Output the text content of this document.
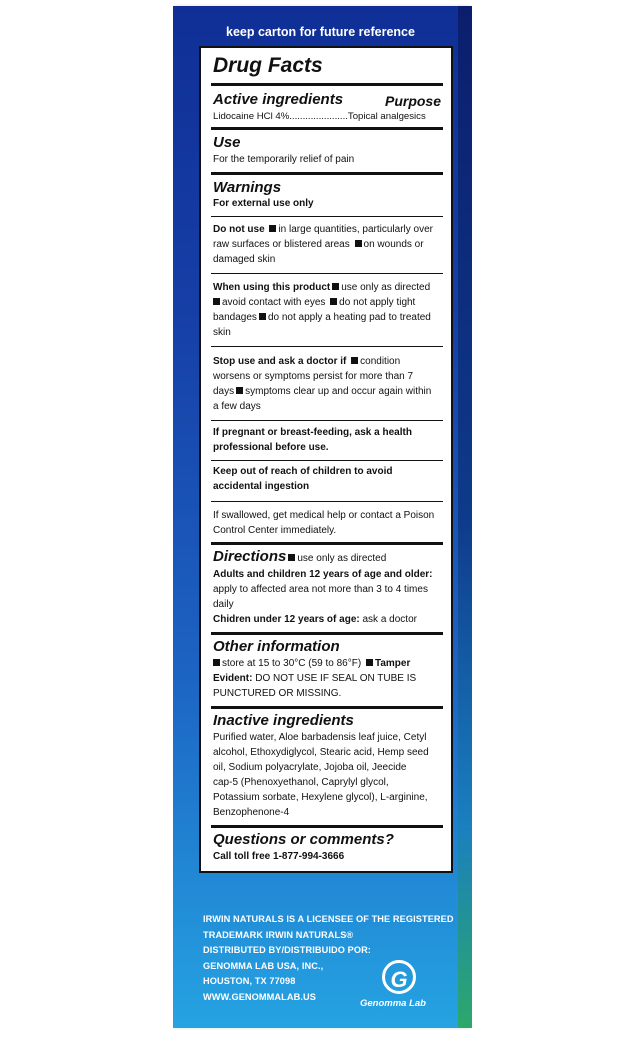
keep carton for future reference
Drug Facts
Active ingredients	Purpose
Lidocaine HCl 4%......................Topical analgesics
Use
For the temporarily relief of pain
Warnings
For external use only
Do not use in large quantities, particularly over
raw surfaces or blistered areas on wounds or
damaged skin
When using this product use only as directed
avoid contact with eyes do not apply tight
bandages do not apply a heating pad to treated
skin
Stop use and ask a doctor if condition
worsens or symptoms persist for more than 7
days symptoms clear up and occur again within
a few days
If pregnant or breast-feeding, ask a health
professional before use.
Keep out of reach of children to avoid
accidental ingestion
If swallowed, get medical help or contact a Poison
Control Center immediately.
Directions use only as directed
Adults and children 12 years of age and older:
apply to affected area not more than 3 to 4 times
daily
Chidren under 12 years of age: ask a doctor
Other information
store at 15 to 30°C (59 to 86°F) Tamper
Evident: DO NOT USE IF SEAL ON TUBE IS
PUNCTURED OR MISSING.
Inactive ingredients
Purified water, Aloe barbadensis leaf juice, Cetyl
alcohol, Ethoxydiglycol, Stearic acid, Hemp seed
oil, Sodium polyacrylate, Jojoba oil, Jeecide
cap-5 (Phenoxyethanol, Caprylyl glycol,
Potassium sorbate, Hexylene glycol), L-arginine,
Benzophenone-4
Questions or comments?
Call toll free 1-877-994-3666
IRWIN NATURALS IS A LICENSEE OF THE REGISTERED
TRADEMARK IRWIN NATURALS®
DISTRIBUTED BY/DISTRIBUIDO POR:
GENOMMA LAB USA, INC.,
HOUSTON, TX 77098
WWW.GENOMMALAB.US
G
Genomma Lab
